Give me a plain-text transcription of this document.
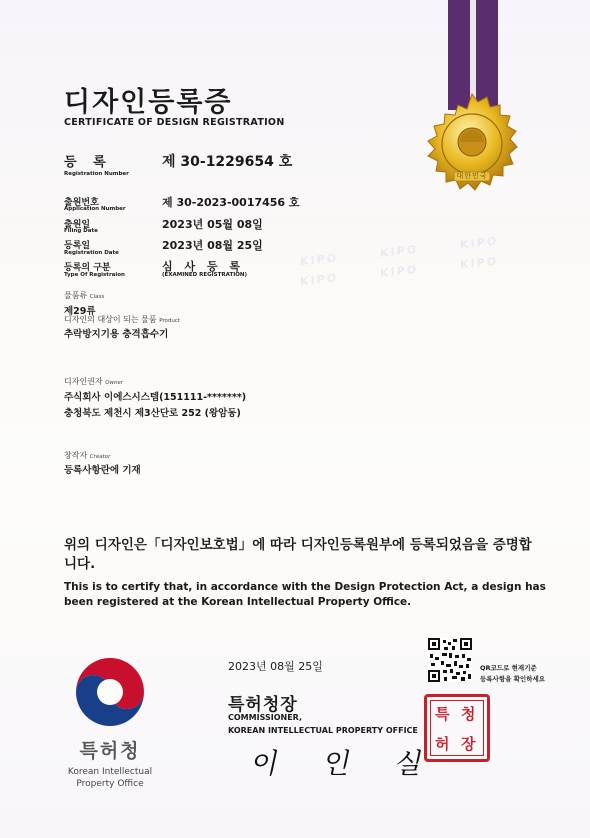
KIPO	KIPO	KIPO
KIPO	KIPO	KIPO
대한민국
디자인등록증
CERTIFICATE OF DESIGN REGISTRATION
등 록
Registration Number
제 30-1229654 호
출원번호
Application Number	제 30-2023-0017456 호
출원일
Filing Date	2023년 05월 08일
등록일
Registration Date
2023년 08월 25일
등록의 구분
Type Of Registraion
심 사 등 록
(EXAMINED REGISTRATION)
물품류 Class
제29류
디자인의 대상이 되는 물품 Product
추락방지기용 충격흡수기
디자인권자 Owner
주식회사 이에스시스템(151111-*******)
충청북도 제천시 제3산단로 252 (왕암동)
창작자 Creator
등록사항란에 기재
위의 디자인은「디자인보호법」에 따라 디자인등록원부에 등록되었음을 증명합니다.
This is to certify that, in accordance with the Design Protection Act, a design has been registered at the Korean Intellectual Property Office.
특허청
Korean Intellectual
Property Office
2023년 08월 25일	QR코드로 현재기준
등록사항을 확인하세요
특허청장
COMMISSIONER,
KOREAN INTELLECTUAL PROPERTY OFFICE
이 인 실
특 청
허 장
